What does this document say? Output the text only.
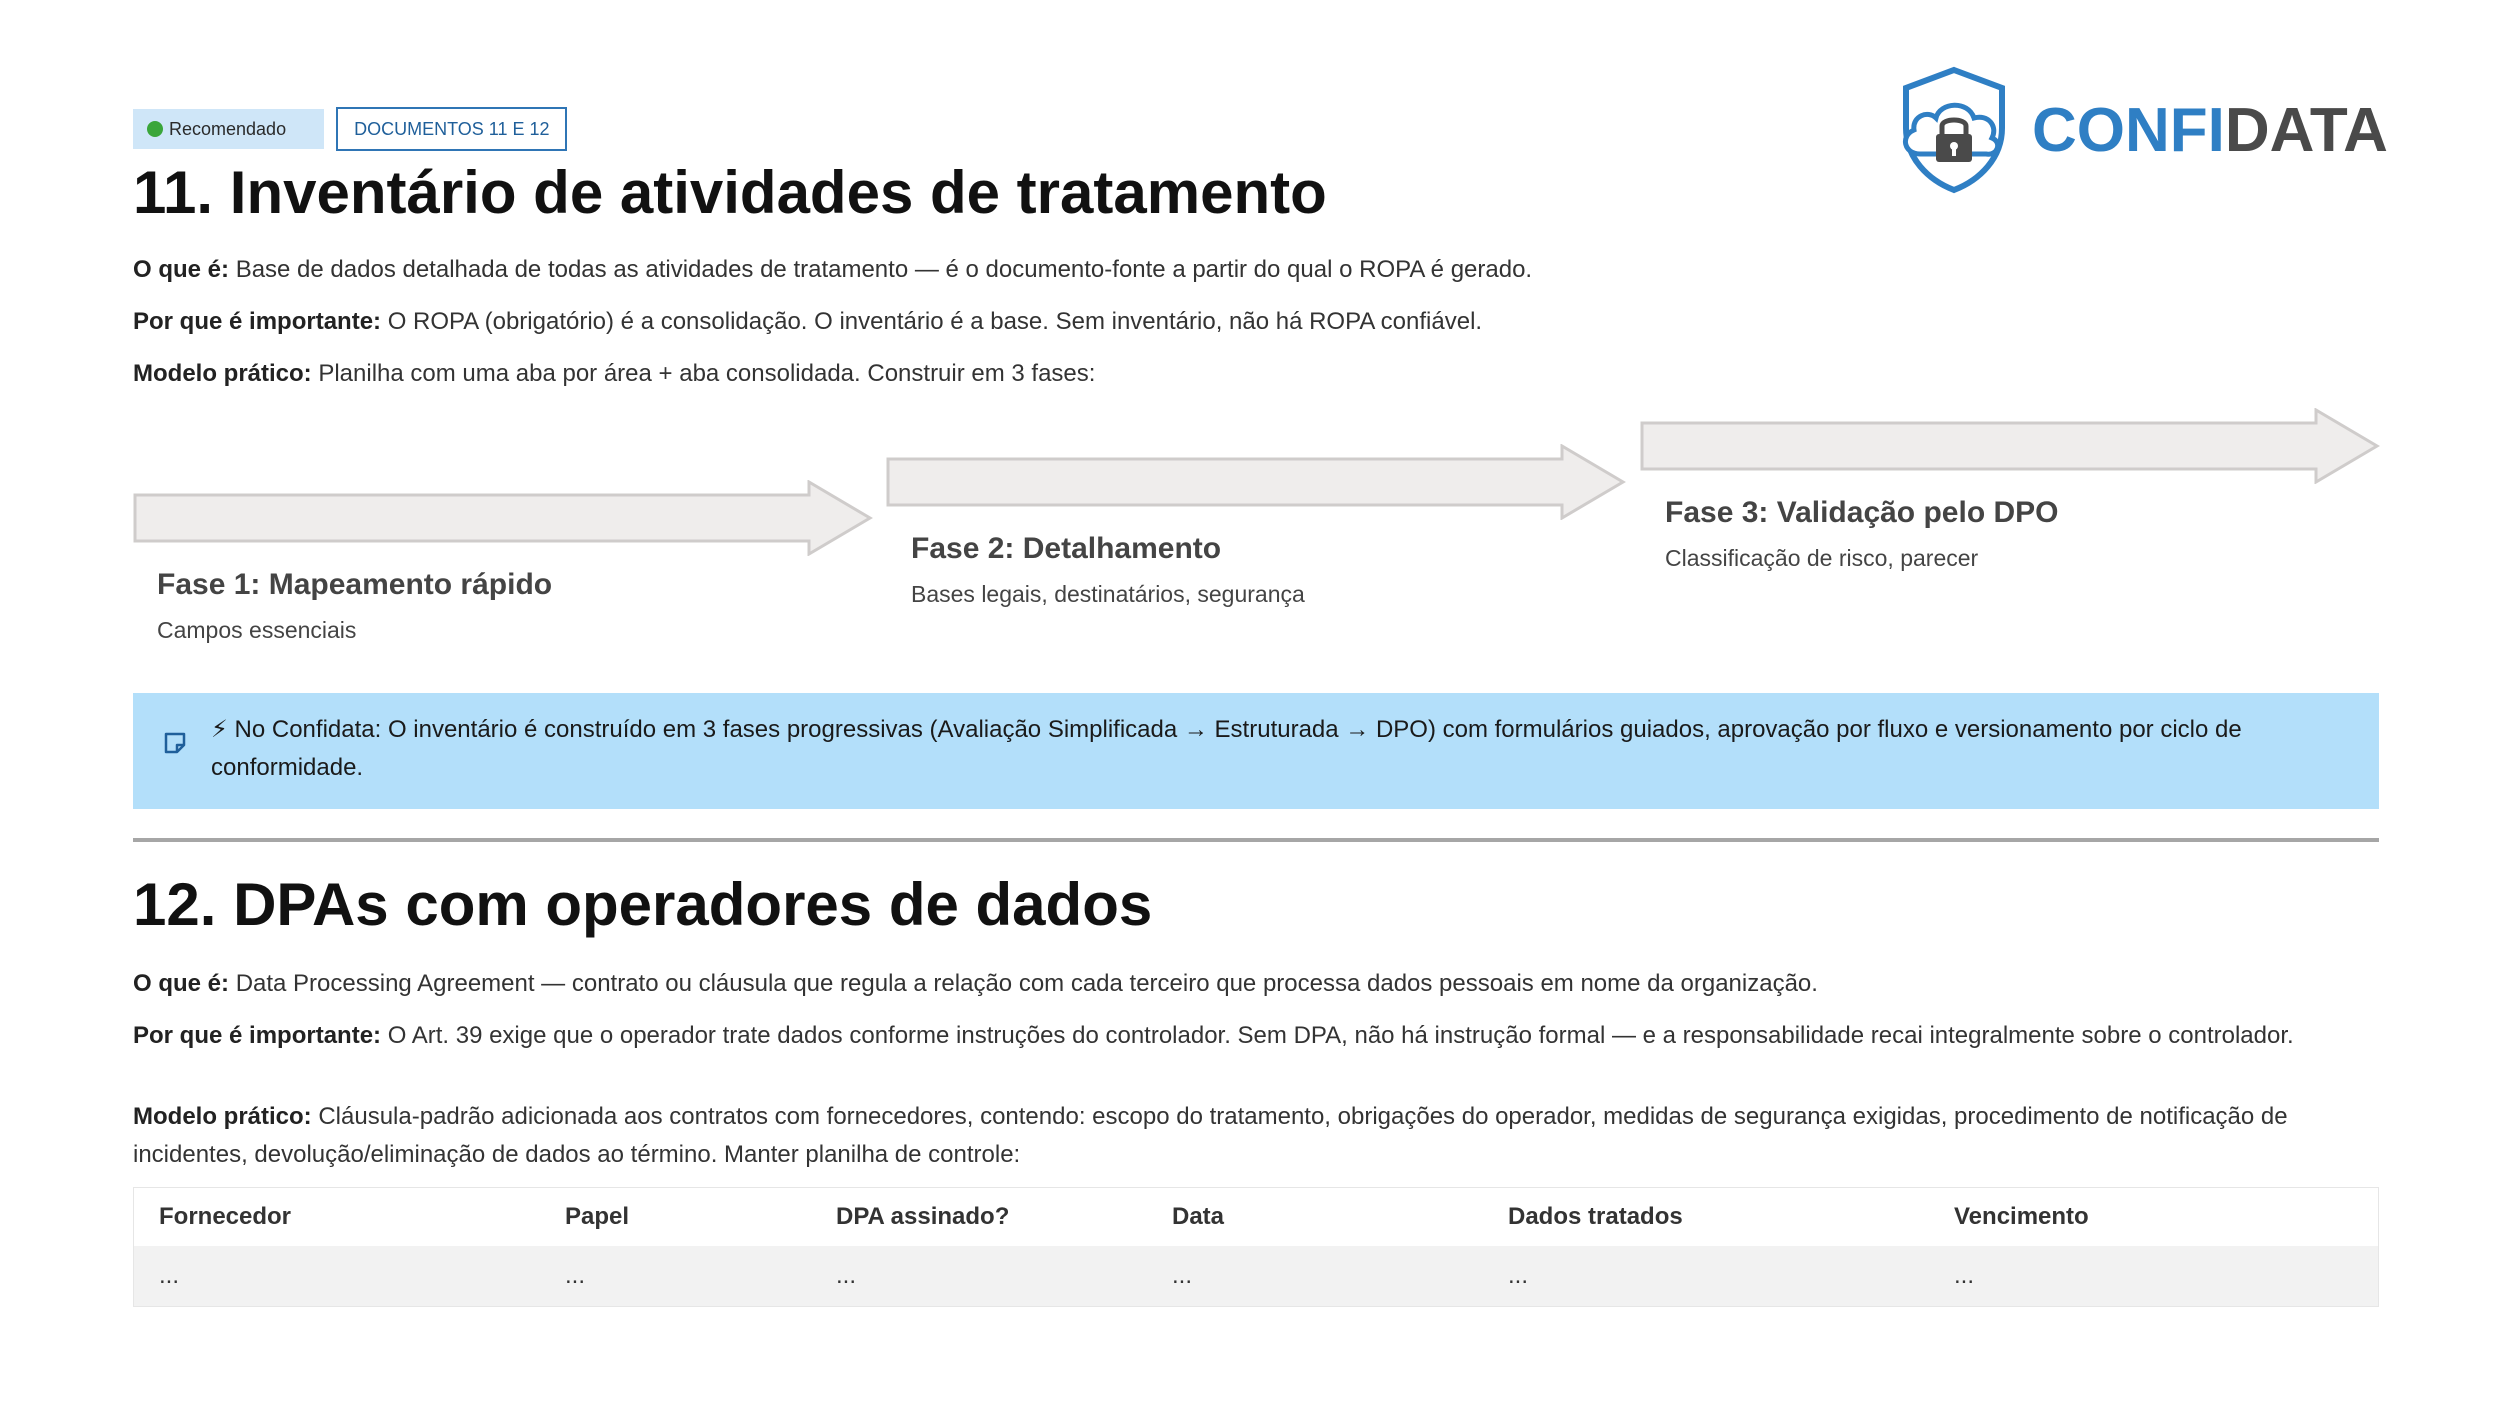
Recomendado	DOCUMENTOS 11 E 12	CONFIDATA
11. Inventário de atividades de tratamento
O que é: Base de dados detalhada de todas as atividades de tratamento — é o documento-fonte a partir do qual o ROPA é gerado.
Por que é importante: O ROPA (obrigatório) é a consolidação. O inventário é a base. Sem inventário, não há ROPA confiável.
Modelo prático: Planilha com uma aba por área + aba consolidada. Construir em 3 fases:
Fase 1: Mapeamento rápido
Campos essenciais
Fase 2: Detalhamento
Bases legais, destinatários, segurança
Fase 3: Validação pelo DPO
Classificação de risco, parecer
⚡ No Confidata: O inventário é construído em 3 fases progressivas (Avaliação Simplificada → Estruturada → DPO) com formulários guiados, aprovação por fluxo e versionamento por ciclo de conformidade.
12. DPAs com operadores de dados
O que é: Data Processing Agreement — contrato ou cláusula que regula a relação com cada terceiro que processa dados pessoais em nome da organização.
Por que é importante: O Art. 39 exige que o operador trate dados conforme instruções do controlador. Sem DPA, não há instrução formal — e a responsabilidade recai integralmente sobre o controlador.
Modelo prático: Cláusula-padrão adicionada aos contratos com fornecedores, contendo: escopo do tratamento, obrigações do operador, medidas de segurança exigidas, procedimento de notificação de incidentes, devolução/eliminação de dados ao término. Manter planilha de controle:
Fornecedor	Papel	DPA assinado?	Data	Dados tratados	Vencimento
...	...	...	...	...	...
